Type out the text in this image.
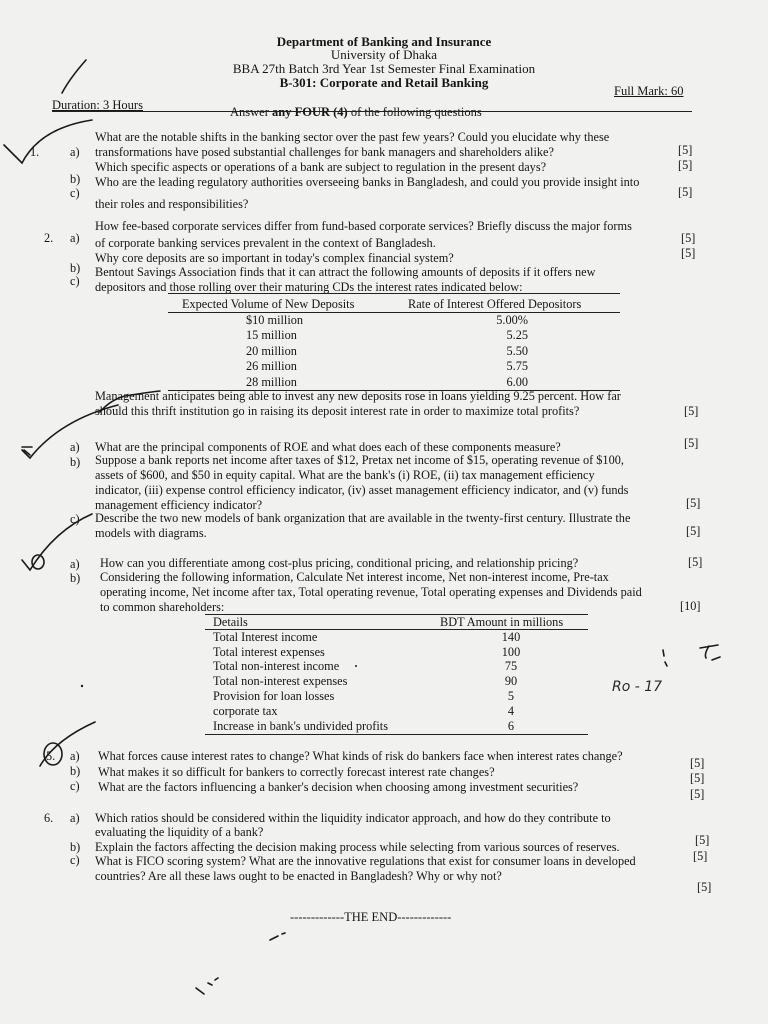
Department of Banking and Insurance
University of Dhaka
BBA 27th Batch 3rd Year 1st Semester Final Examination
B-301: Corporate and Retail Banking
Duration: 3 Hours
Full Mark: 60
Answer any FOUR (4) of the following questions
1.	a)
What are the notable shifts in the banking sector over the past few years? Could you elucidate why these
transformations have posed substantial challenges for bank managers and shareholders alike?	[5]
b)
Which specific aspects or operations of a bank are subject to regulation in the present days?	[5]
c)
Who are the leading regulatory authorities overseeing banks in Bangladesh, and could you provide insight into
their roles and responsibilities?
[5]
2. a)
How fee-based corporate services differ from fund-based corporate services? Briefly discuss the major forms
of corporate banking services prevalent in the context of Bangladesh.	[5]
b)
Why core deposits are so important in today's complex financial system?	[5]
c)
Bentout Savings Association finds that it can attract the following amounts of deposits if it offers new
depositors and those rolling over their maturing CDs the interest rates indicated below:
Expected Volume of New Deposits	Rate of Interest Offered Depositors
$10 million	5.00%
15 million	5.25
20 million	5.50
26 million	5.75
28 million	6.00
Management anticipates being able to invest any new deposits rose in loans yielding 9.25 percent. How far
should this thrift institution go in raising its deposit interest rate in order to maximize total profits?	[5]
a) What are the principal components of ROE and what does each of these components measure?	[5]
b) Suppose a bank reports net income after taxes of $12, Pretax net income of $15, operating revenue of $100,
assets of $600, and $50 in equity capital. What are the bank's (i) ROE, (ii) tax management efficiency
indicator, (iii) expense control efficiency indicator, (iv) asset management efficiency indicator, and (v) funds
management efficiency indicator?	[5]
c) Describe the two new models of bank organization that are available in the twenty-first century. Illustrate the
models with diagrams.	[5]
a) How can you differentiate among cost-plus pricing, conditional pricing, and relationship pricing?	[5]
b) Considering the following information, Calculate Net interest income, Net non-interest income, Pre-tax
operating income, Net income after tax, Total operating revenue, Total operating expenses and Dividends paid
to common shareholders:	[10]
Details	BDT Amount in millions
Total Interest income	140
Total interest expenses	100
Total non-interest income	75
Total non-interest expenses	90
Provision for loan losses	5
corporate tax	4
Increase in bank's undivided profits	6
5. a) What forces cause interest rates to change? What kinds of risk do bankers face when interest rates change?	[5]
b) What makes it so difficult for bankers to correctly forecast interest rate changes?	[5]
c) What are the factors influencing a banker's decision when choosing among investment securities?	[5]
6. a) Which ratios should be considered within the liquidity indicator approach, and how do they contribute to
evaluating the liquidity of a bank?
[5]
b) Explain the factors affecting the decision making process while selecting from various sources of reserves.
[5]
c) What is FICO scoring system? What are the innovative regulations that exist for consumer loans in developed
countries? Are all these laws ought to be enacted in Bangladesh? Why or why not?
[5]
-------------THE END-------------
Ro - 17
